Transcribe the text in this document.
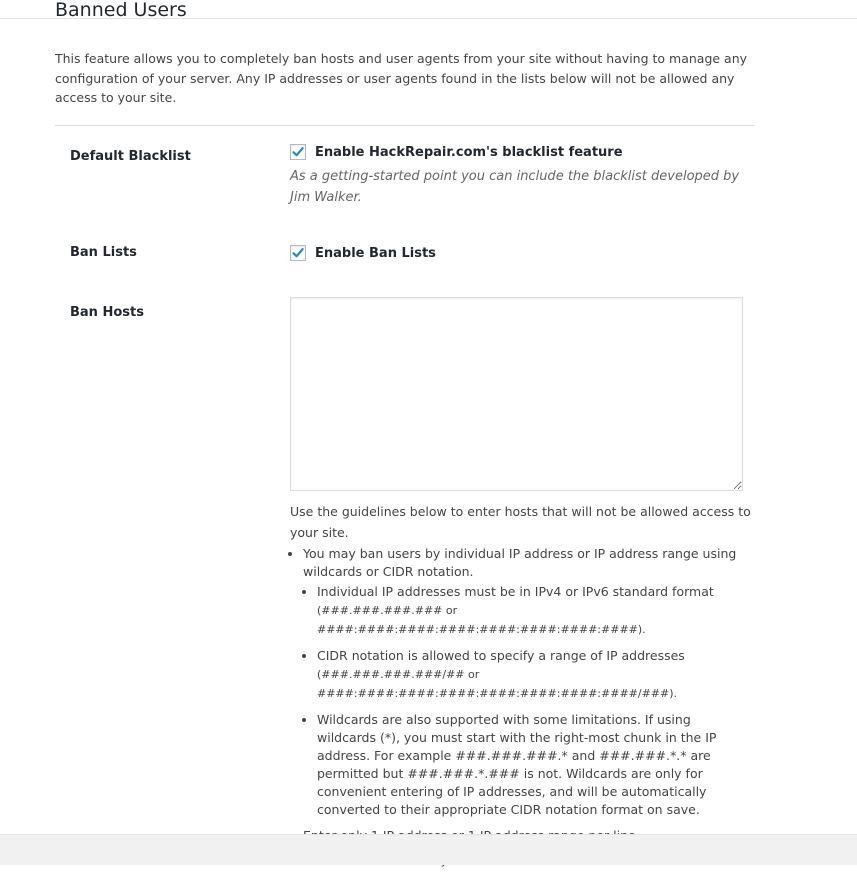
Banned Users

This feature allows you to completely ban hosts and user agents from your site without having to manage any configuration of your server. Any IP addresses or user agents found in the lists below will not be allowed any access to your site.

Default Blacklist	Enable HackRepair.com's blacklist feature

As a getting-started point you can include the blacklist developed by Jim Walker.

Ban Lists	Enable Ban Lists
Ban Hosts

Use the guidelines below to enter hosts that will not be allowed access to your site.

• You may ban users by individual IP address or IP address range using wildcards or CIDR notation.
• Individual IP addresses must be in IPv4 or IPv6 standard format
(###.###.###.### or ####:####:####:####:####:####:####:####).
• CIDR notation is allowed to specify a range of IP addresses
(###.###.###.###/## or
####:####:####:####:####:####:####:####/###).
• Wildcards are also supported with some limitations. If using wildcards (*), you must start with the right-most chunk in the IP address. For example ###.###.###.* and ###.###.*.* are permitted but ###.###.*.### is not. Wildcards are only for convenient entering of IP addresses, and will be automatically converted to their appropriate CIDR notation format on save.
•
•
